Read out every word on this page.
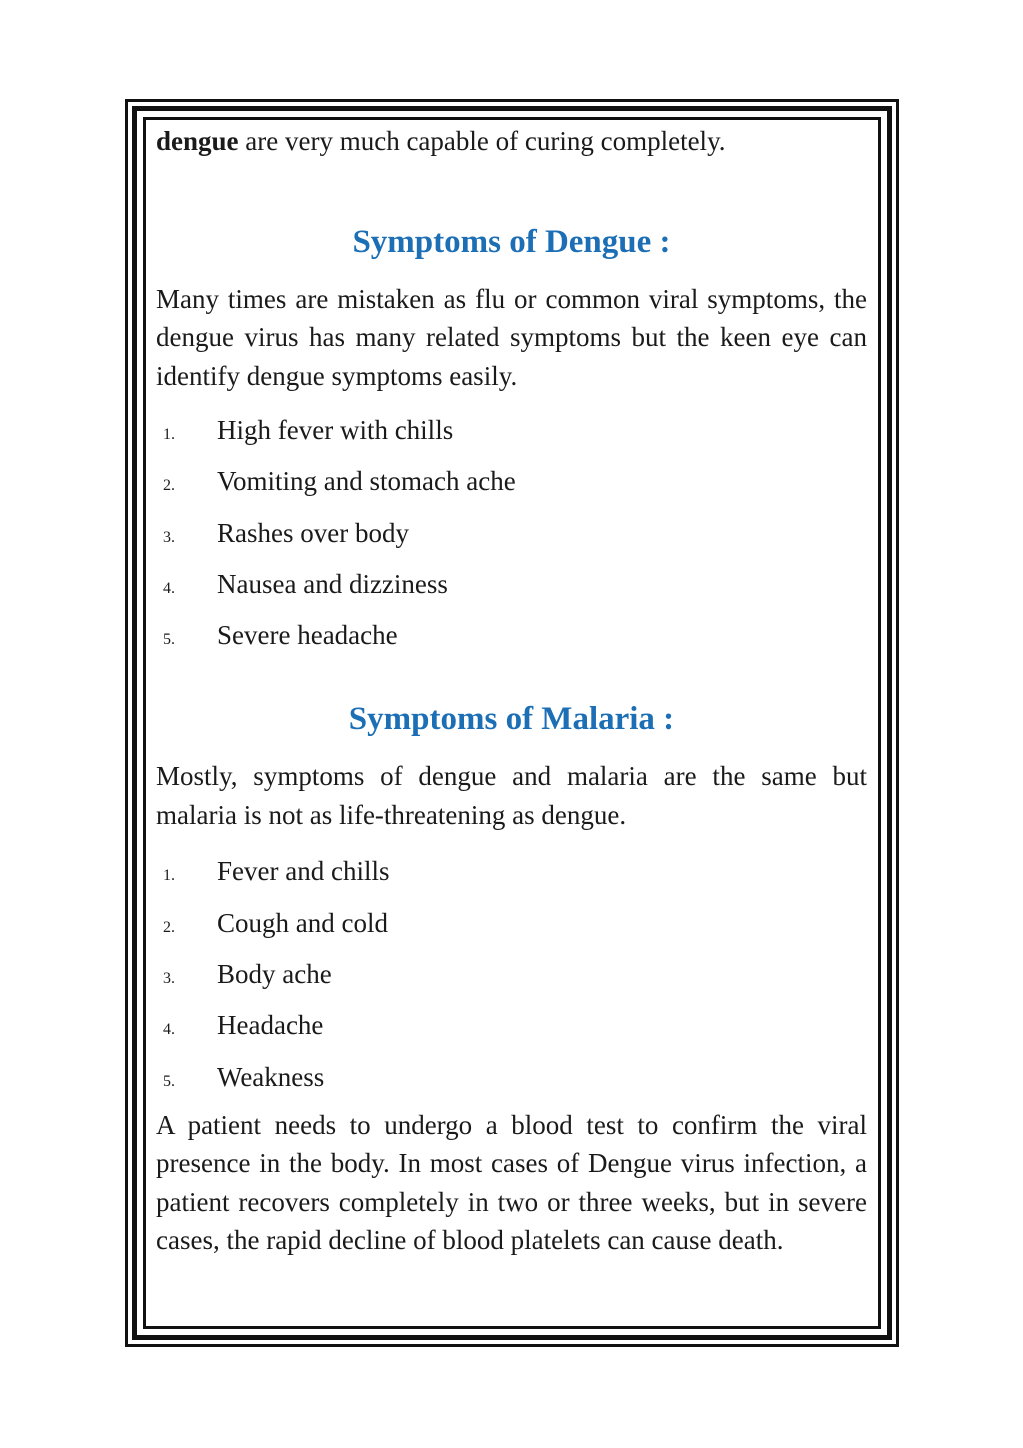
dengue are very much capable of curing completely.

Symptoms of Dengue :

Many times are mistaken as flu or common viral symptoms, the dengue virus has many related symptoms but the keen eye can identify dengue symptoms easily.

1. High fever with chills
2. Vomiting and stomach ache
3. Rashes over body
4. Nausea and dizziness
5. Severe headache
Symptoms of Malaria :

Mostly, symptoms of dengue and malaria are the same but malaria is not as life-threatening as dengue.

1. Fever and chills
2. Cough and cold
3. Body ache
4. Headache
5. Weakness

A patient needs to undergo a blood test to confirm the viral presence in the body. In most cases of Dengue virus infection, a patient recovers completely in two or three weeks, but in severe cases, the rapid decline of blood platelets can cause death.
